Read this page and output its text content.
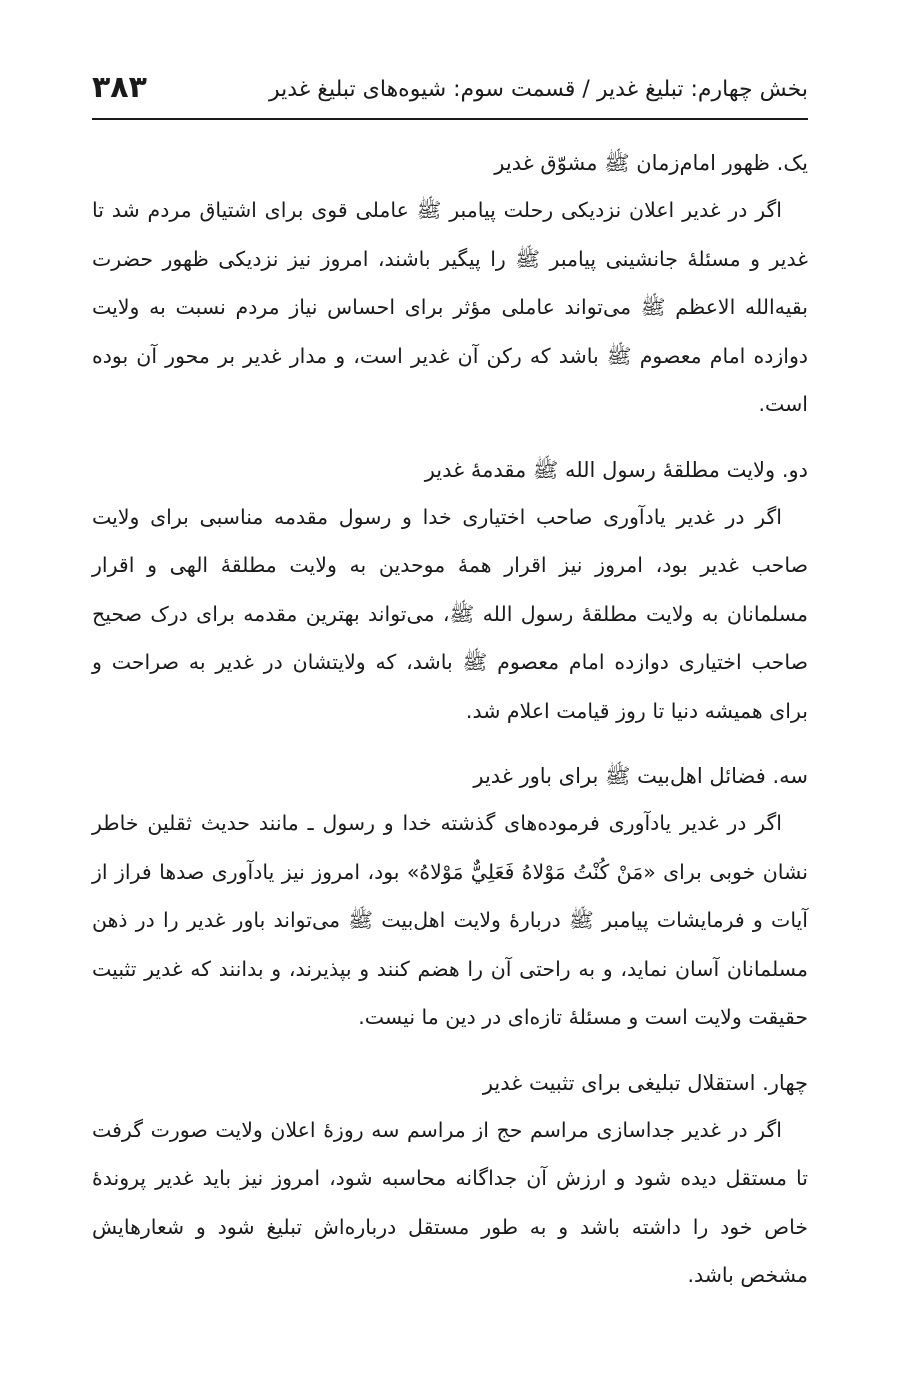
بخش چهارم: تبلیغ غدیر / قسمت سوم: شیوه‌های تبلیغ غدیر
۳۸۳
یک. ظهور امام‌زمان ﷺ مشوّق غدیر

اگر در غدیر اعلان نزدیکی رحلت پیامبر ﷺ عاملی قوی برای اشتیاق مردم شد تا غدیر و مسئلهٔ جانشینی پیامبر ﷺ را پیگیر باشند، امروز نیز نزدیکی ظهور حضرت بقیه‌الله الاعظم ﷺ می‌تواند عاملی مؤثر برای احساس نیاز مردم نسبت به ولایت دوازده امام معصوم ﷺ باشد که رکن آن غدیر است، و مدار غدیر بر محور آن بوده است.

دو. ولایت مطلقهٔ رسول الله ﷺ مقدمهٔ غدیر

اگر در غدیر یادآوری صاحب اختیاری خدا و رسول مقدمه مناسبی برای ولایت صاحب غدیر بود، امروز نیز اقرار همهٔ موحدین به ولایت مطلقهٔ الهی و اقرار مسلمانان به ولایت مطلقهٔ رسول الله ﷺ، می‌تواند بهترین مقدمه برای درک صحیح صاحب اختیاری دوازده امام معصوم ﷺ باشد، که ولایتشان در غدیر به صراحت و برای همیشه دنیا تا روز قیامت اعلام شد.

سه. فضائل اهل‌بیت ﷺ برای باور غدیر

اگر در غدیر یادآوری فرموده‌های گذشته خدا و رسول ـ مانند حدیث ثقلین خاطر نشان خوبی برای «مَنْ كُنْتُ مَوْلاهُ فَعَلِيٌّ مَوْلاهُ» بود، امروز نیز یادآوری صدها فراز از آیات و فرمایشات پیامبر ﷺ دربارهٔ ولایت اهل‌بیت ﷺ می‌تواند باور غدیر را در ذهن مسلمانان آسان نماید، و به راحتی آن را هضم کنند و بپذیرند، و بدانند که غدیر تثبیت حقیقت ولایت است و مسئلهٔ تازه‌ای در دین ما نیست.

چهار. استقلال تبلیغی برای تثبیت غدیر

اگر در غدیر جداسازی مراسم حج از مراسم سه روزهٔ اعلان ولایت صورت گرفت تا مستقل دیده شود و ارزش آن جداگانه محاسبه شود، امروز نیز باید غدیر پروندهٔ خاص خود را داشته باشد و به طور مستقل درباره‌اش تبلیغ شود و شعارهایش مشخص باشد.
